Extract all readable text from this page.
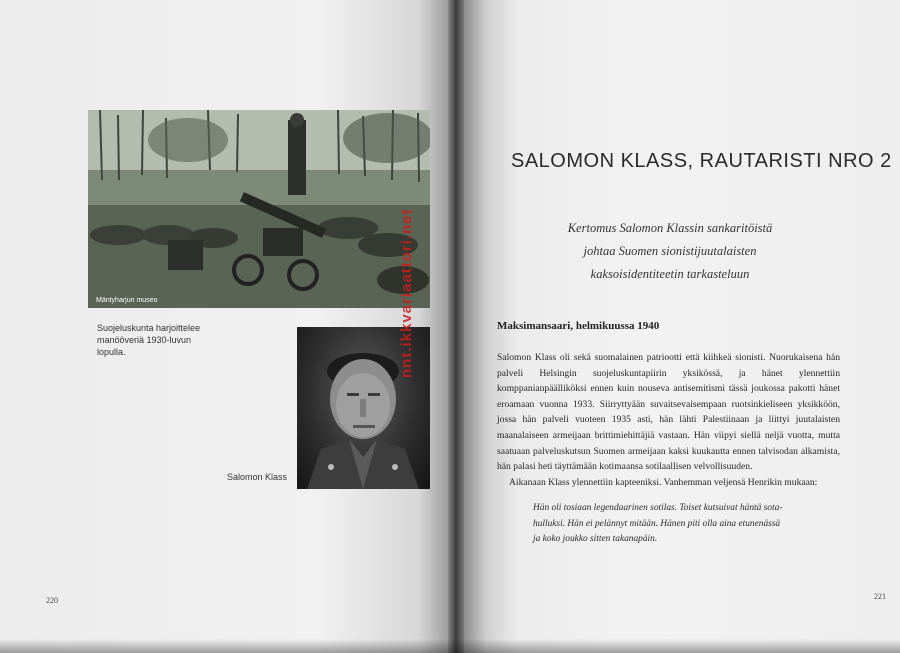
Mäntyharjun museo
Suojeluskunta harjoittelee manööveriä 1930-luvun lopulla.
Salomon Klass
220
nnt.ikkvariaattori.net
SALOMON KLASS, RAUTARISTI NRO 2
Kertomus Salomon Klassin sankaritöistä
johtaa Suomen sionistijuutalaisten
kaksoisidentiteetin tarkasteluun
Maksimansaari, helmikuussa 1940

Salomon Klass oli sekä suomalainen patriootti että kiihkeä sionisti. Nuorukaisena hän palveli Helsingin suojeluskuntapiirin yksikössä, ja hänet ylennettiin komppanianpäälliköksi ennen kuin nouseva antisemitismi tässä joukossa pakotti hänet eroamaan vuonna 1933. Siirryttyään suvaitsevaisempaan ruotsinkieliseen yksikköön, jossa hän palveli vuoteen 1935 asti, hän lähti Palestiinaan ja liittyi juutalaisten maanalaiseen armeijaan brittimiehittäjiä vastaan. Hän viipyi siellä neljä vuotta, mutta saatuaan palveluskutsun Suomen armeijaan kaksi kuukautta ennen talvisodan alkamista, hän palasi heti täyttämään kotimaansa sotilaallisen velvollisuuden.

Aikanaan Klass ylennettiin kapteeniksi. Vanhemman veljensä Henrikin mukaan:

Hän oli tosiaan legendaarinen sotilas. Toiset kutsuivat häntä sota-
hulluksi. Hän ei pelännyt mitään. Hänen piti olla aina etunenässä
ja koko joukko sitten takanapäin.
221
